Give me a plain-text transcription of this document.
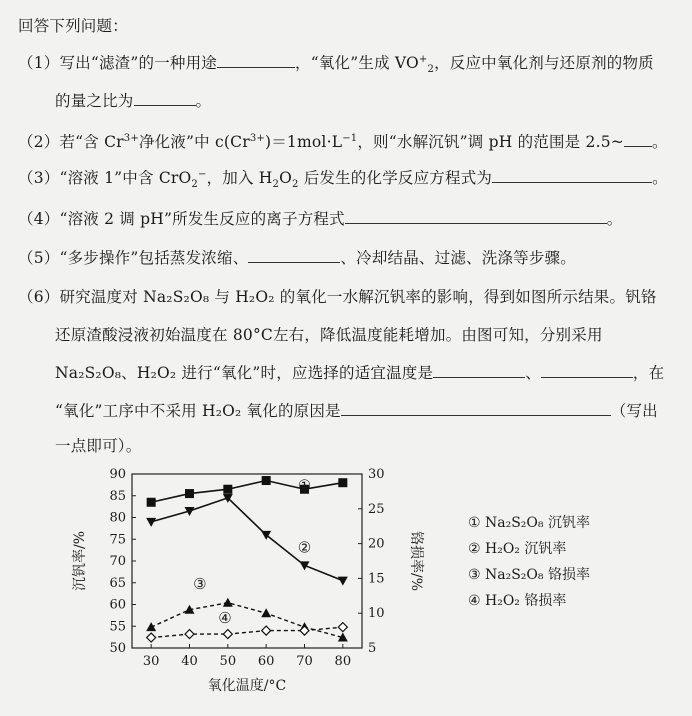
回答下列问题：
（1）写出“滤渣”的一种用途	，“氧化”生成 $VO^+_2$，反应中氧化剂与还原剂的物质
的量之比为	。
（2）若“含 $Cr^{3+}$净化液”中 $c(Cr^{3+})=1mol\cdot L^{-1}$，则“水解沉钒”调 pH 的范围是 2.5~ 。
（3）“溶液 1”中含 CrO$_2$−，加入 $H_2O_2$ 后发生的化学反应方程式为	。
（4）“溶液 2 调 pH”所发生反应的离子方程式	。
（5）“多步操作”包括蒸发浓缩、	、冷却结晶、过滤、洗涤等步骤。
（6）研究温度对 Na₂S₂O₈ 与 H₂O₂ 的氧化一水解沉钒率的影响，得到如图所示结果。钒铬
还原渣酸浸液初始温度在 80°C左右，降低温度能耗增加。由图可知，分别采用
Na₂S₂O₈、H₂O₂ 进行“氧化”时，应选择的适宜温度是	、	，在
“氧化”工序中不采用 H₂O₂ 氧化的原因是	（写出
一点即可）。
50
55
60
65
70
75
80
85
90
5
10
15
20
25
30
30 40 50 60 70 80
氧化温度/°C
沉钒率/%	铬损率/%
①
②
③
④
① Na₂S₂O₈ 沉钒率
② H₂O₂ 沉钒率
③ Na₂S₂O₈ 铬损率
④ H₂O₂ 铬损率
